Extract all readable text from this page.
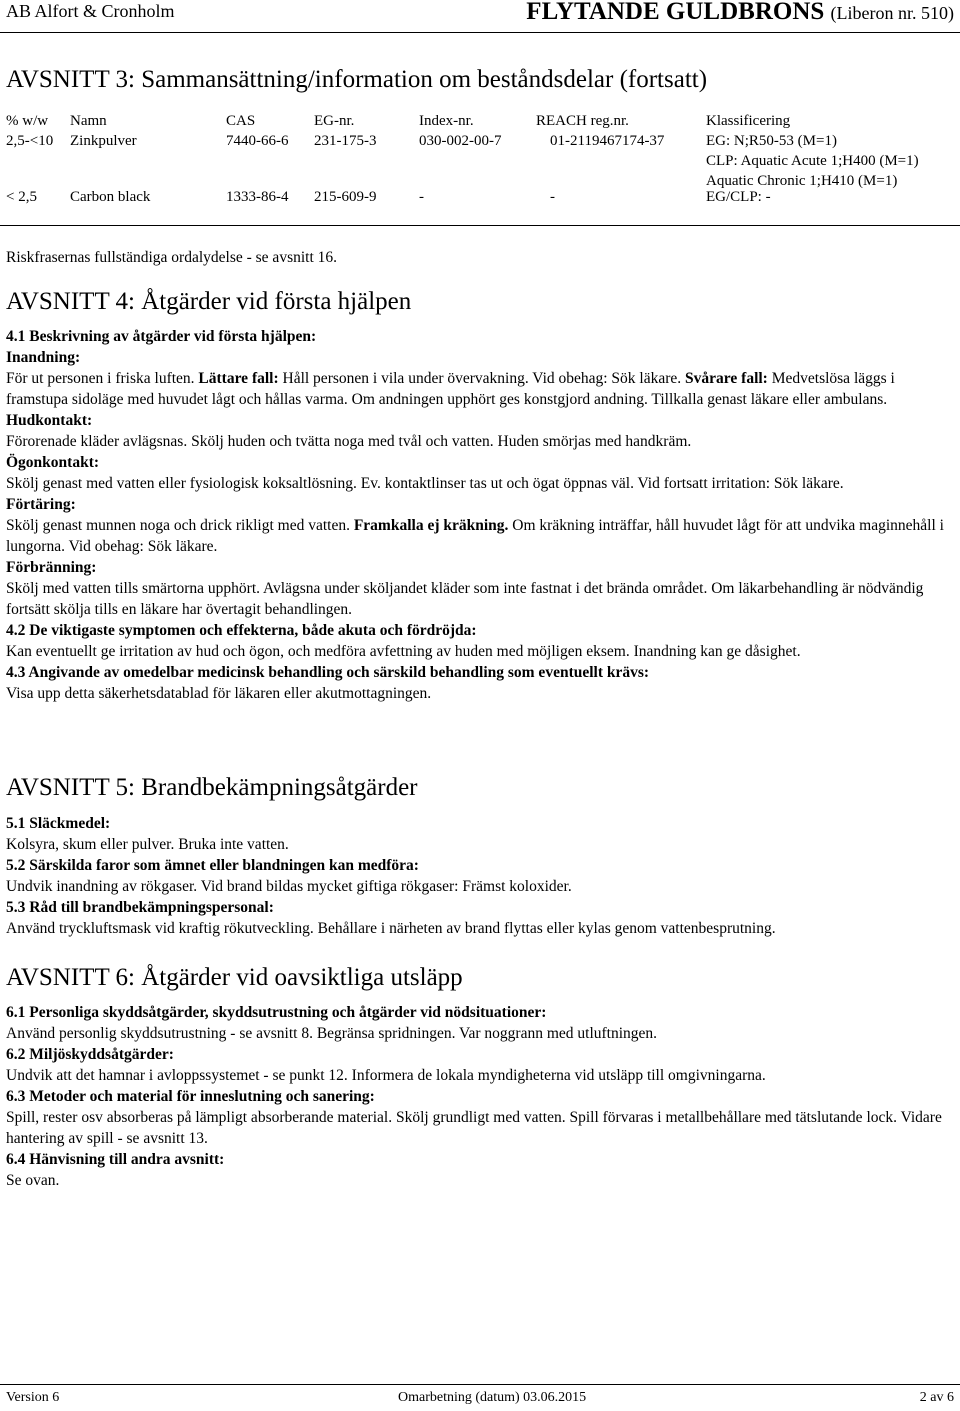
AB Alfort & Cronholm	FLYTANDE GULDBRONS (Liberon nr. 510)
AVSNITT 3: Sammansättning/information om beståndsdelar (fortsatt)
% w/w Namn	CAS	EG-nr.	Index-nr.	REACH reg.nr.	Klassificering
2,5-<10 Zinkpulver	7440-66-6 231-175-3	030-002-00-7	01-2119467174-37	EG: N;R50-53 (M=1)
CLP: Aquatic Acute 1;H400 (M=1)
Aquatic Chronic 1;H410 (M=1)
< 2,5 Carbon black	1333-86-4 215-609-9	-	-	EG/CLP: -
Riskfrasernas fullständiga ordalydelse - se avsnitt 16.
AVSNITT 4: Åtgärder vid första hjälpen

4.1 Beskrivning av åtgärder vid första hjälpen:

Inandning:

För ut personen i friska luften. Lättare fall: Håll personen i vila under övervakning. Vid obehag: Sök läkare. Svårare fall: Medvetslösa läggs i framstupa sidoläge med huvudet lågt och hållas varma. Om andningen upphört ges konstgjord andning. Tillkalla genast läkare eller ambulans.

Hudkontakt:

Förorenade kläder avlägsnas. Skölj huden och tvätta noga med tvål och vatten. Huden smörjas med handkräm.

Ögonkontakt:

Skölj genast med vatten eller fysiologisk koksaltlösning. Ev. kontaktlinser tas ut och ögat öppnas väl. Vid fortsatt irritation: Sök läkare.

Förtäring:

Skölj genast munnen noga och drick rikligt med vatten. Framkalla ej kräkning. Om kräkning inträffar, håll huvudet lågt för att undvika maginnehåll i lungorna. Vid obehag: Sök läkare.

Förbränning:

Skölj med vatten tills smärtorna upphört. Avlägsna under sköljandet kläder som inte fastnat i det brända området. Om läkarbehandling är nödvändig fortsätt skölja tills en läkare har övertagit behandlingen.

4.2 De viktigaste symptomen och effekterna, både akuta och fördröjda:

Kan eventuellt ge irritation av hud och ögon, och medföra avfettning av huden med möjligen eksem. Inandning kan ge dåsighet.

4.3 Angivande av omedelbar medicinsk behandling och särskild behandling som eventuellt krävs:

Visa upp detta säkerhetsdatablad för läkaren eller akutmottagningen.

AVSNITT 5: Brandbekämpningsåtgärder

5.1 Släckmedel:

Kolsyra, skum eller pulver. Bruka inte vatten.

5.2 Särskilda faror som ämnet eller blandningen kan medföra:

Undvik inandning av rökgaser. Vid brand bildas mycket giftiga rökgaser: Främst koloxider.

5.3 Råd till brandbekämpningspersonal:

Använd tryckluftsmask vid kraftig rökutveckling. Behållare i närheten av brand flyttas eller kylas genom vattenbesprutning.

AVSNITT 6: Åtgärder vid oavsiktliga utsläpp

6.1 Personliga skyddsåtgärder, skyddsutrustning och åtgärder vid nödsituationer:

Använd personlig skyddsutrustning - se avsnitt 8. Begränsa spridningen. Var noggrann med utluftningen.

6.2 Miljöskyddsåtgärder:

Undvik att det hamnar i avloppssystemet - se punkt 12. Informera de lokala myndigheterna vid utsläpp till omgivningarna.

6.3 Metoder och material för inneslutning och sanering:

Spill, rester osv absorberas på lämpligt absorberande material. Skölj grundligt med vatten. Spill förvaras i metallbehållare med tätslutande lock. Vidare hantering av spill - se avsnitt 13.

6.4 Hänvisning till andra avsnitt:

Se ovan.

Version 6	Omarbetning (datum) 03.06.2015	2 av 6
